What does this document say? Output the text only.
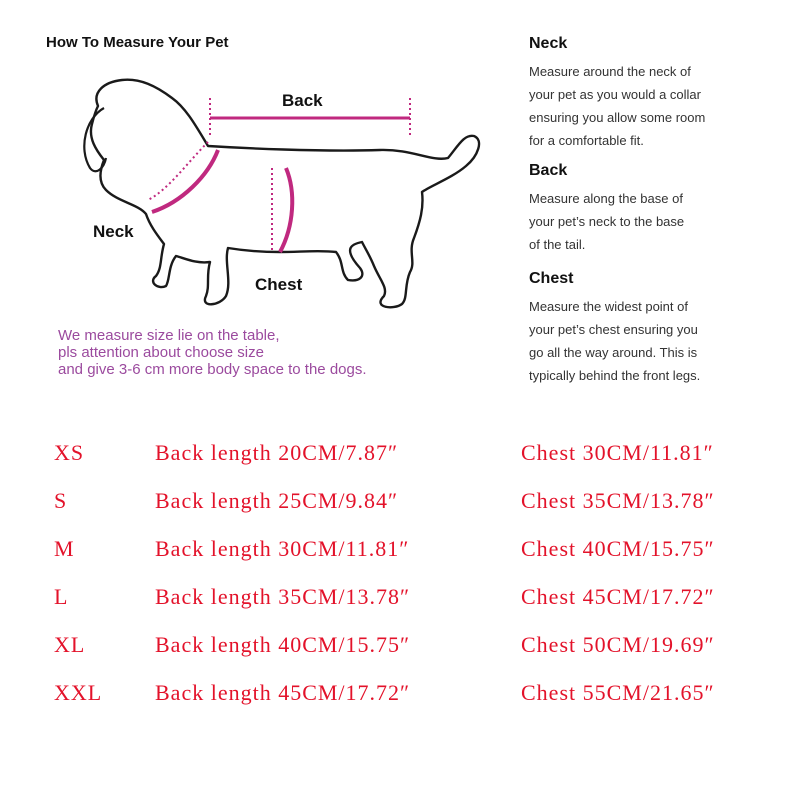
How To Measure Your Pet
Back
Neck
Chest
We measure size lie on the table,
pls attention about choose size
and give 3-6 cm more body space to the dogs.
Neck

Measure around the neck of

your pet as you would a collar

ensuring you allow some room

for a comfortable fit.

Back

Measure along the base of

your pet’s neck to the base

of the tail.

Chest

Measure the widest point of

your pet’s chest ensuring you

go all the way around. This is

typically behind the front legs.

XS	Back length 20CM/7.87″	Chest 30CM/11.81″
S	Back length 25CM/9.84″	Chest 35CM/13.78″
M	Back length 30CM/11.81″	Chest 40CM/15.75″
L	Back length 35CM/13.78″	Chest 45CM/17.72″
XL	Back length 40CM/15.75″	Chest 50CM/19.69″
XXL Back length 45CM/17.72″	Chest 55CM/21.65″
